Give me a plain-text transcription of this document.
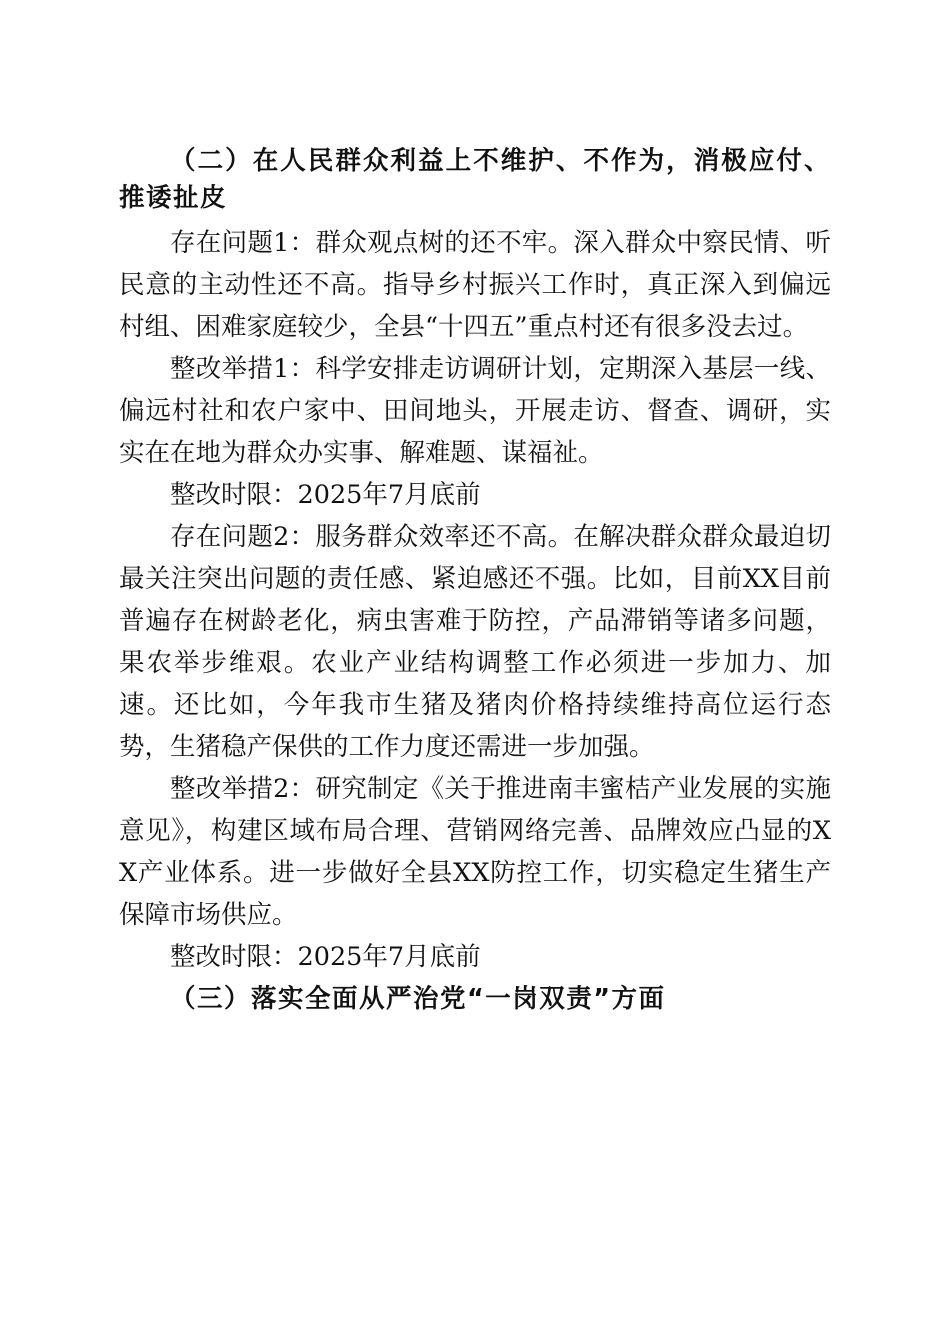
（二）在人民群众利益上不维护、不作为，消极应付、推诿扯皮

存在问题1：群众观点树的还不牢。深入群众中察民情、听民意的主动性还不高。指导乡村振兴工作时，真正深入到偏远村组、困难家庭较少，全县“十四五”重点村还有很多没去过。

整改举措1：科学安排走访调研计划，定期深入基层一线、偏远村社和农户家中、田间地头，开展走访、督查、调研，实实在在地为群众办实事、解难题、谋福祉。

整改时限：2025年7月底前

存在问题2：服务群众效率还不高。在解决群众群众最迫切最关注突出问题的责任感、紧迫感还不强。比如，目前XX目前普遍存在树龄老化，病虫害难于防控，产品滞销等诸多问题，果农举步维艰。农业产业结构调整工作必须进一步加力、加速。还比如，今年我市生猪及猪肉价格持续维持高位运行态势，生猪稳产保供的工作力度还需进一步加强。

整改举措2：研究制定《关于推进南丰蜜桔产业发展的实施意见》，构建区域布局合理、营销网络完善、品牌效应凸显的XX产业体系。进一步做好全县XX防控工作，切实稳定生猪生产保障市场供应。

整改时限：2025年7月底前

（三）落实全面从严治党“一岗双责”方面
